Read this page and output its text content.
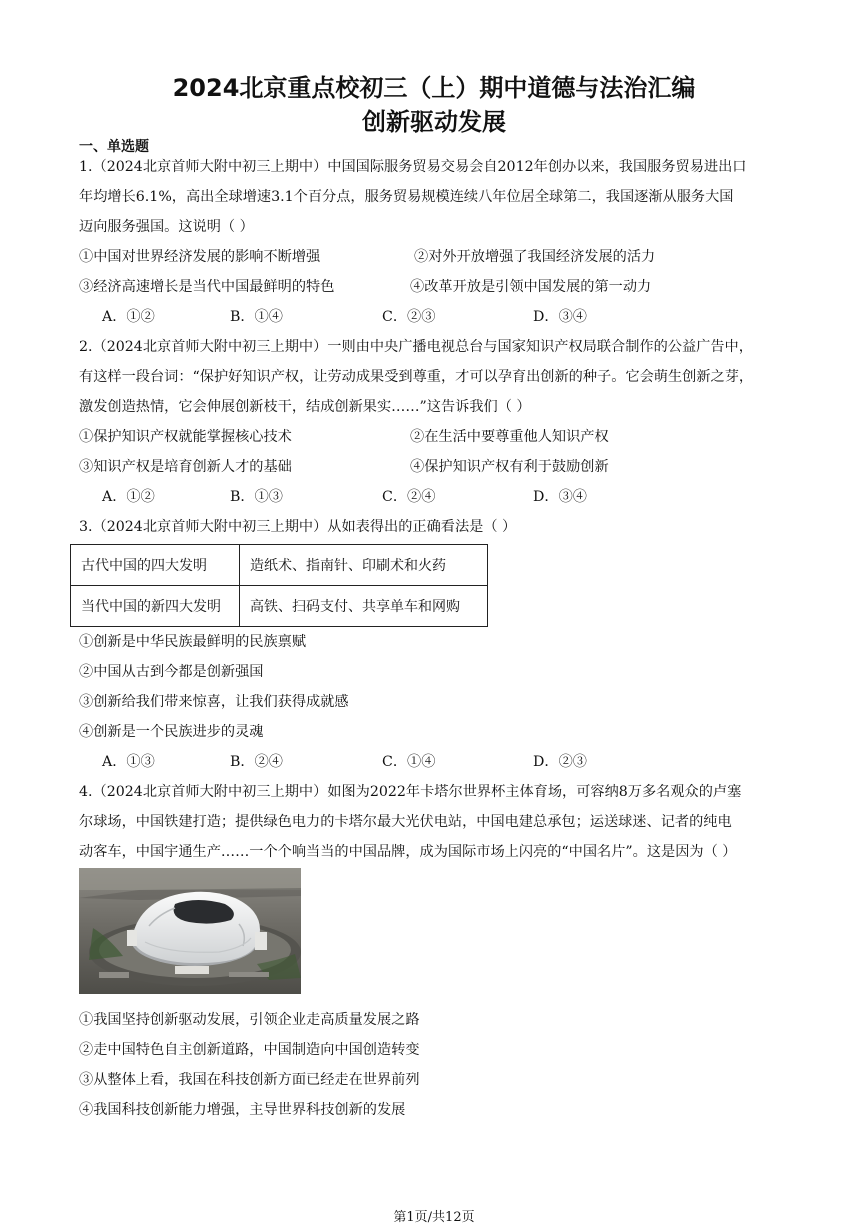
2024北京重点校初三（上）期中道德与法治汇编
创新驱动发展
一、单选题
1.（2024北京首师大附中初三上期中）中国国际服务贸易交易会自2012年创办以来，我国服务贸易进出口
年均增长6.1%，高出全球增速3.1个百分点，服务贸易规模连续八年位居全球第二，我国逐渐从服务大国
迈向服务强国。这说明（ ）
①中国对世界经济发展的影响不断增强	②对外开放增强了我国经济发展的活力
③经济高速增长是当代中国最鲜明的特色	④改革开放是引领中国发展的第一动力
A．①②	B．①④	C．②③	D．③④
2.（2024北京首师大附中初三上期中）一则由中央广播电视总台与国家知识产权局联合制作的公益广告中，
有这样一段台词：“保护好知识产权，让劳动成果受到尊重，才可以孕育出创新的种子。它会萌生创新之芽，
激发创造热情，它会伸展创新枝干，结成创新果实……”这告诉我们（ ）
①保护知识产权就能掌握核心技术	②在生活中要尊重他人知识产权
③知识产权是培育创新人才的基础	④保护知识产权有利于鼓励创新
A．①②	B．①③	C．②④	D．③④
3.（2024北京首师大附中初三上期中）从如表得出的正确看法是（ ）
古代中国的四大发明	造纸术、指南针、印刷术和火药
当代中国的新四大发明	高铁、扫码支付、共享单车和网购
①创新是中华民族最鲜明的民族禀赋
②中国从古到今都是创新强国
③创新给我们带来惊喜，让我们获得成就感
④创新是一个民族进步的灵魂
A．①③	B．②④	C．①④	D．②③
4.（2024北京首师大附中初三上期中）如图为2022年卡塔尔世界杯主体育场，可容纳8万多名观众的卢塞
尔球场，中国铁建打造；提供绿色电力的卡塔尔最大光伏电站，中国电建总承包；运送球迷、记者的纯电
动客车，中国宇通生产……一个个响当当的中国品牌，成为国际市场上闪亮的“中国名片”。这是因为（ ）
①我国坚持创新驱动发展，引领企业走高质量发展之路
②走中国特色自主创新道路，中国制造向中国创造转变
③从整体上看，我国在科技创新方面已经走在世界前列
④我国科技创新能力增强，主导世界科技创新的发展
第1页/共12页
